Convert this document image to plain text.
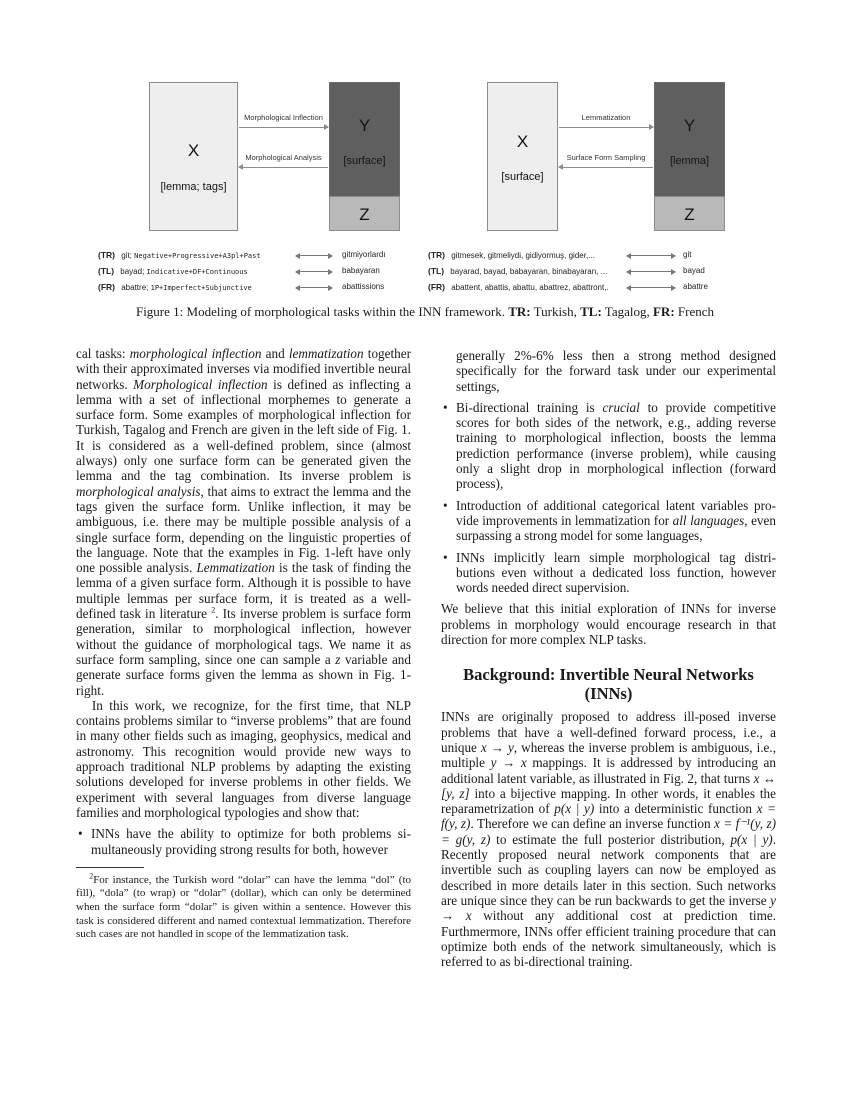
X
[lemma; tags]
Y
[surface]
Z
Morphological Inflection
Morphological Analysis
X
[surface]
Y
[lemma]
Z
Lemmatization
Surface Form Sampling
(TR) git; Negative+Progressive+A3pl+Past	gitmiyorlardı
(TL) bayad; Indicative+DF+Continuous	babayaran
(FR) abattre; 1P+Imperfect+Subjunctive	abattissions
(TR) gitmesek, gitmeliydi, gidiyormuş, gider,...	git
(TL) bayarad, bayad, babayaran, binabayaran, ...	bayad
(FR) abattent, abattis, abattu, abattrez, abattront,.	abattre
Figure 1: Modeling of morphological tasks within the INN framework. TR: Turkish, TL: Tagalog, FR: French

cal tasks: morphological inflection and lemmatization together with their approximated inverses via modified invertible neural networks. Morphological inflection is defined as inflecting a lemma with a set of inflectional morphemes to generate a surface form. Some examples of morphological inflection for Turkish, Tagalog and French are given in the left side of Fig. 1. It is considered as a well-defined problem, since (almost always) only one surface form can be generated given the lemma and the tag combination. Its inverse problem is morphological analysis, that aims to extract the lemma and the tags given the surface form. Unlike inflection, it may be ambiguous, i.e. there may be multiple possible analysis of a single surface form, depending on the linguistic properties of the language. Note that the examples in Fig. 1-left have only one possible analysis. Lemmatization is the task of finding the lemma of a given surface form. Although it is possible to have multiple lemmas per surface form, it is treated as a well-defined task in literature $^2$. Its inverse problem is surface form generation, similar to morphological inflection, however without the guidance of morphological tags. We name it as surface form sampling, since one can sample a z variable and generate surface forms given the lemma as shown in Fig. 1-right.

In this work, we recognize, for the first time, that NLP contains problems similar to “inverse problems” that are found in many other fields such as imaging, geophysics, medical and astronomy. This recognition would provide new ways to approach traditional NLP problems by adapting the existing solutions developed for inverse problems in other fields. We experiment with several languages from diverse language families and morphological typologies and show that:

• INNs have the ability to optimize for both problems simultaneously providing strong results for both, however

$^2$For instance, the Turkish word “dolar” can have the lemma “dol” (to fill), “dola” (to wrap) or “dolar” (dollar), which can only be determined when the surface form “dolar” is given within a sentence. However this task is considered different and named contextual lemmatization. Therefore such cases are not handled in scope of the lemmatization task.

generally 2%-6% less then a strong method designed specifically for the forward task under our experimental settings,
• Bi-directional training is crucial to provide competitive scores for both sides of the network, e.g., adding reverse training to morphological inflection, boosts the lemma prediction performance (inverse problem), while causing only a slight drop in morphological inflection (forward process),
• Introduction of additional categorical latent variables provide improvements in lemmatization for all languages, even surpassing a strong model for some languages,
• INNs implicitly learn simple morphological tag distributions even without a dedicated loss function, however words needed direct supervision.

We believe that this initial exploration of INNs for inverse problems in morphology would encourage research in that direction for more complex NLP tasks.

Background: Invertible Neural Networks (INNs)

INNs are originally proposed to address ill-posed inverse problems that have a well-defined forward process, i.e., a unique x → y, whereas the inverse problem is ambiguous, i.e., multiple y → x mappings. It is addressed by introducing an additional latent variable, as illustrated in Fig. 2, that turns x ↔ [y, z] into a bijective mapping. In other words, it enables the reparametrization of p(x | y) into a deterministic function x = f(y, z). Therefore we can define an inverse function x = f⁻¹(y, z) = g(y, z) to estimate the full posterior distribution, p(x | y). Recently proposed neural network components that are invertible such as coupling layers can now be employed as described in more details later in this section. Such networks are unique since they can be run backwards to get the inverse y → x without any additional cost at prediction time. Furthmermore, INNs offer efficient training procedure that can optimize both ends of the network simultaneously, which is referred to as bi-directional training.
